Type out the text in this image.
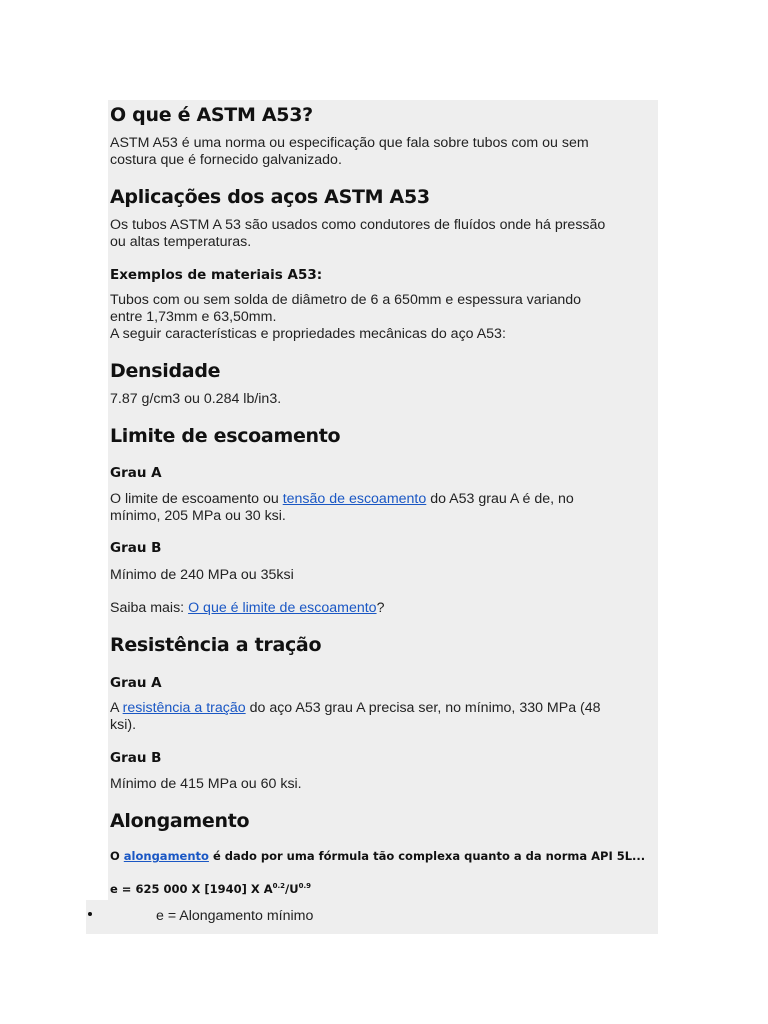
O que é ASTM A53?
ASTM A53 é uma norma ou especificação que fala sobre tubos com ou sem
costura que é fornecido galvanizado.
Aplicações dos aços ASTM A53
Os tubos ASTM A 53 são usados como condutores de fluídos onde há pressão
ou altas temperaturas.
Exemplos de materiais A53:
Tubos com ou sem solda de diâmetro de 6 a 650mm e espessura variando
entre 1,73mm e 63,50mm.
A seguir características e propriedades mecânicas do aço A53:
Densidade
7.87 g/cm3 ou 0.284 lb/in3.
Limite de escoamento
Grau A
O limite de escoamento ou tensão de escoamento do A53 grau A é de, no
mínimo, 205 MPa ou 30 ksi.
Grau B
Mínimo de 240 MPa ou 35ksi
Saiba mais: O que é limite de escoamento?
Resistência a tração
Grau A
A resistência a tração do aço A53 grau A precisa ser, no mínimo, 330 MPa (48
ksi).
Grau B
Mínimo de 415 MPa ou 60 ksi.
Alongamento
O alongamento é dado por uma fórmula tão complexa quanto a da norma API 5L...
e = 625 000 X [1940] X $A^{0.2}/U^{0.9}$
e = Alongamento mínimo
